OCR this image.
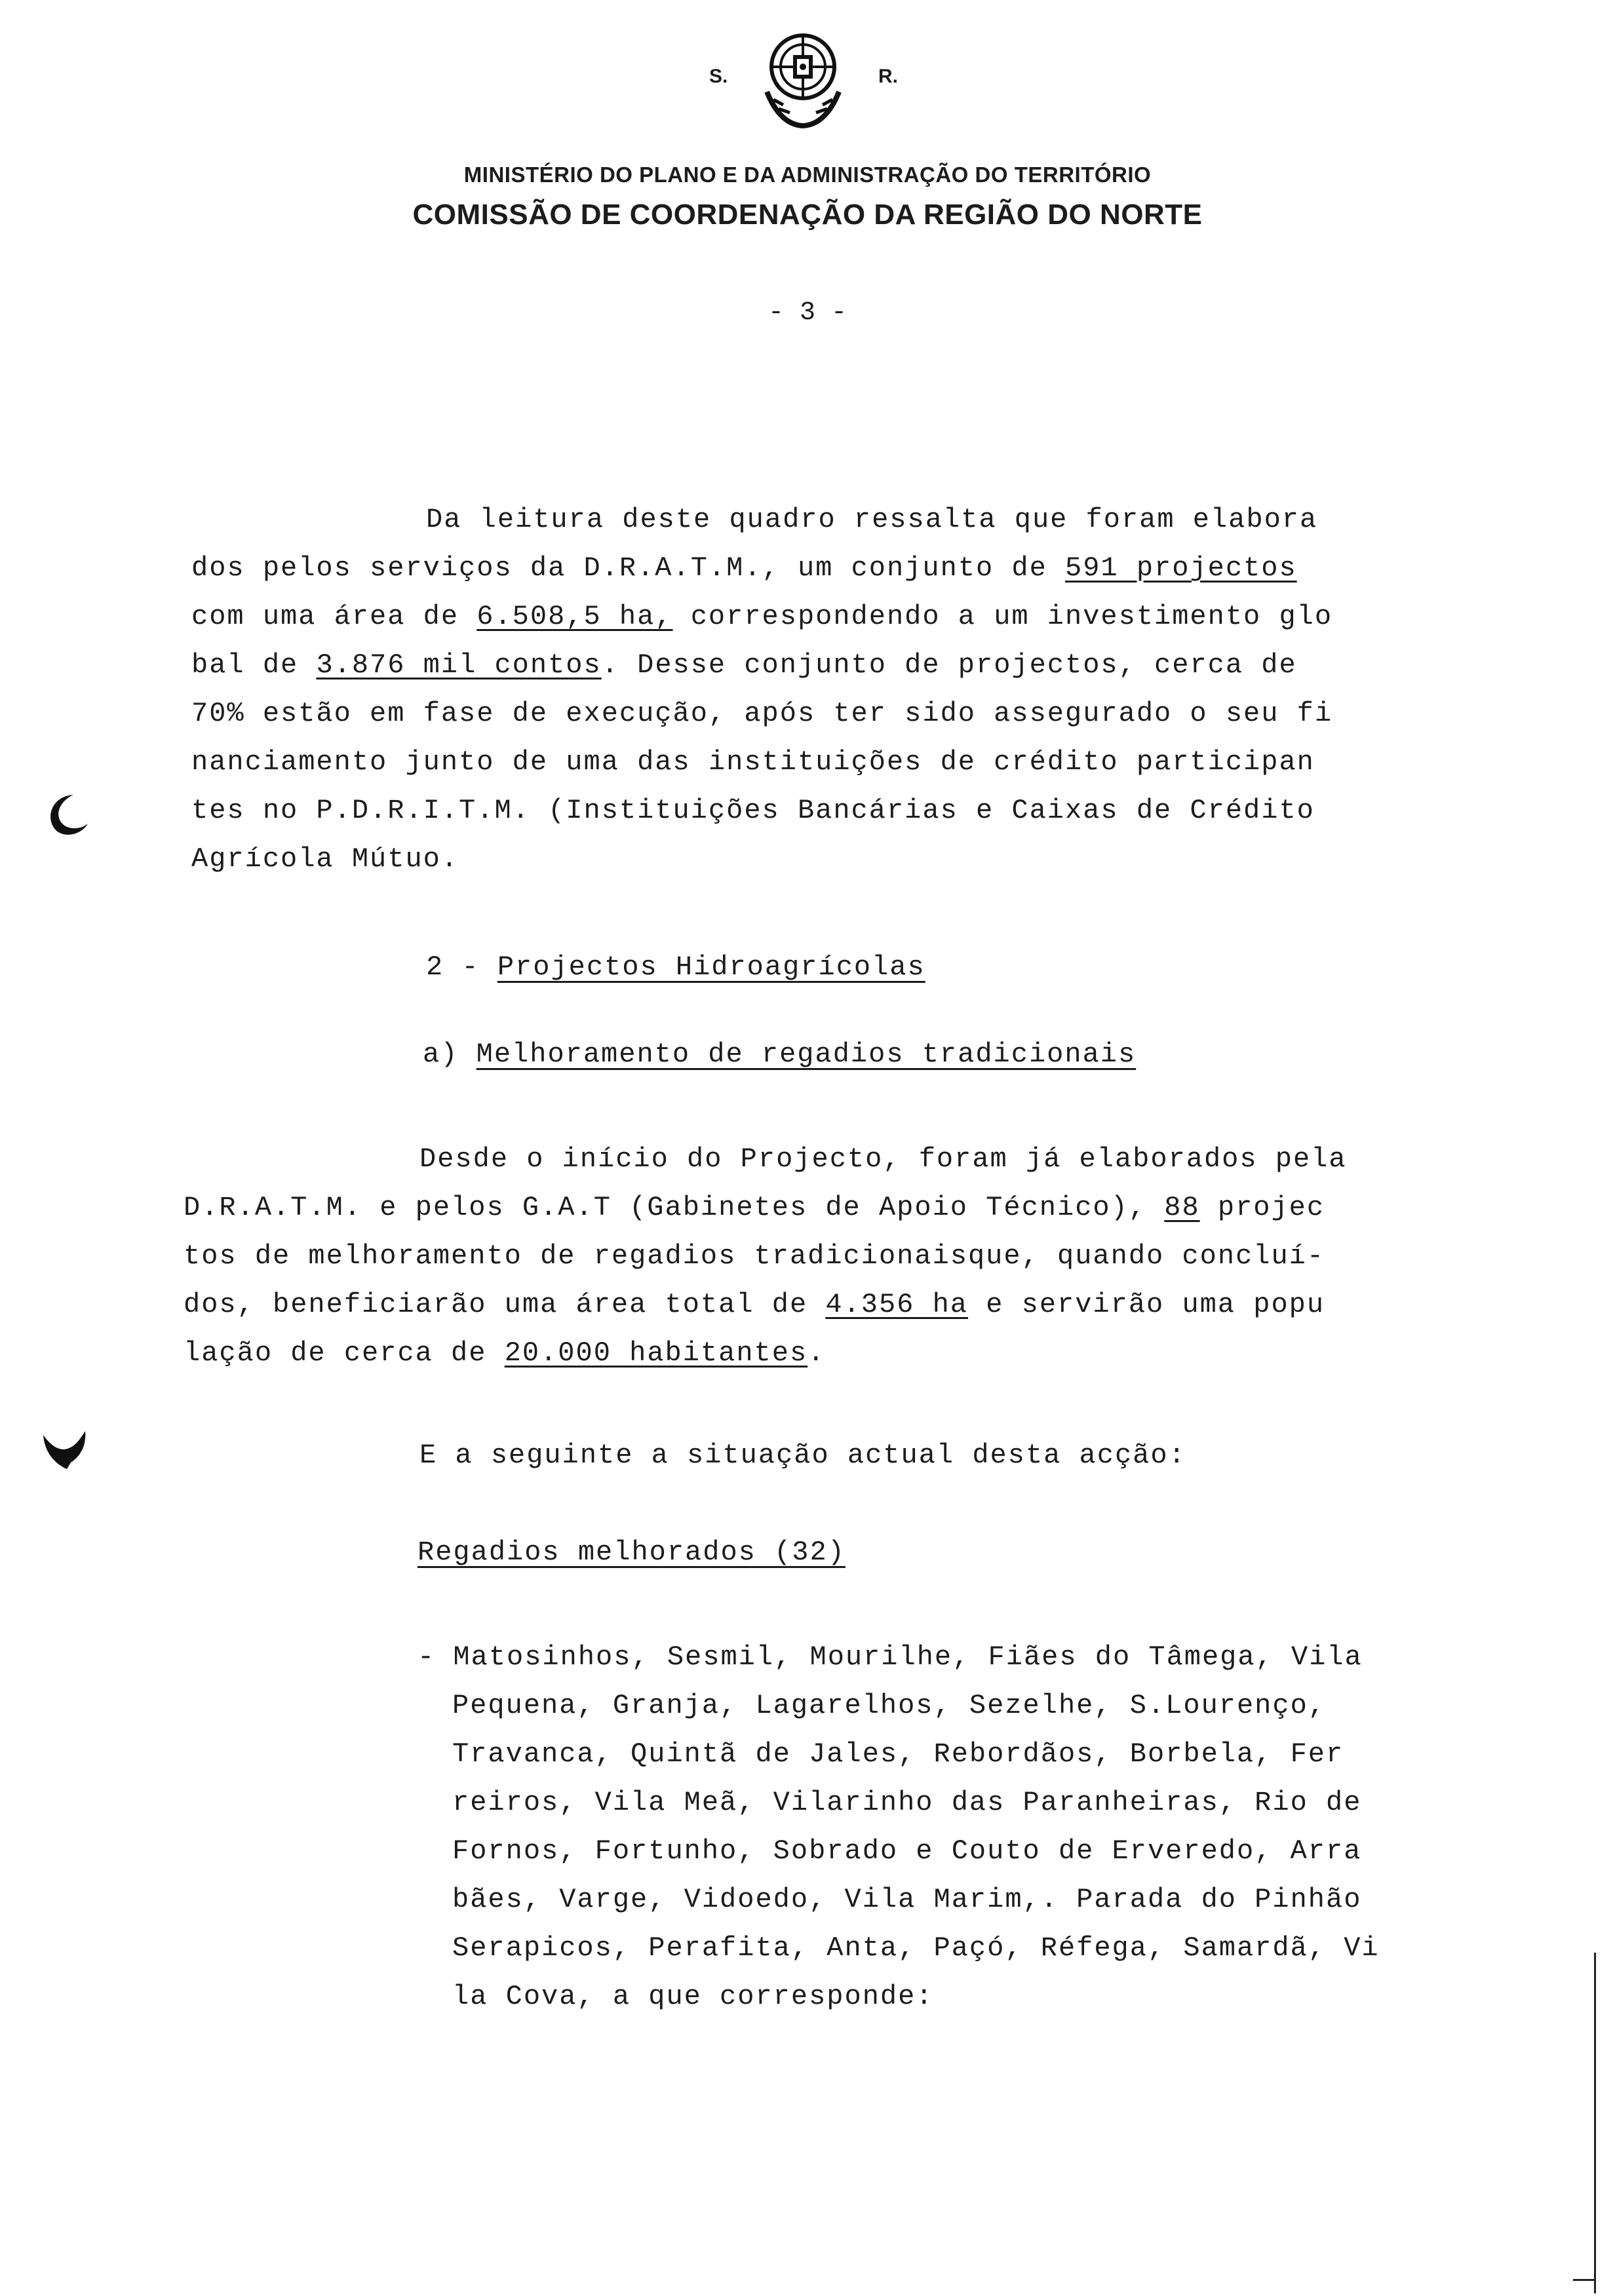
S.	R.
MINISTÉRIO DO PLANO E DA ADMINISTRAÇÃO DO TERRITÓRIO
COMISSÃO DE COORDENAÇÃO DA REGIÃO DO NORTE
- 3 -
Da leitura deste quadro ressalta que foram elaborа
dos pelos serviços da D.R.A.T.M., um conjunto de 591 projectos
com uma área de 6.508,5 ha, correspondendo a um investimento glo
bal de 3.876 mil contos. Desse conjunto de projectos, cerca de
70% estão em fase de execução, após ter sido assegurado o seu fi
nanciamento junto de uma das instituições de crédito participan
tes no P.D.R.I.T.M. (Instituições Bancárias e Caixas de Crédito
Agrícola Mútuo.
2 - Projectos Hidroagrícolas
a) Melhoramento de regadios tradicionais
Desde o início do Projecto, foram já elaborados pela
D.R.A.T.M. e pelos G.A.T (Gabinetes de Apoio Técnico), 88 projec
tos de melhoramento de regadios tradicionaisque, quando concluí-
dos, beneficiarão uma área total de 4.356 ha e servirão uma popu
lação de cerca de 20.000 habitantes.
E a seguinte a situação actual desta acção:
Regadios melhorados (32)
- Matosinhos, Sesmil, Mourilhe, Fiães do Tâmega, Vila
Pequena, Granja, Lagarelhos, Sezelhe, S.Lourenço,
Travanca, Quintã de Jales, Rebordãos, Borbela, Fer
reiros, Vila Meã, Vilarinho das Paranheiras, Rio de
Fornos, Fortunho, Sobrado e Couto de Erveredo, Arra
bães, Varge, Vidoedo, Vila Marim,. Parada do Pinhão
Serapicos, Perafita, Anta, Paçó, Réfega, Samardã, Vi
la Cova, a que corresponde:
